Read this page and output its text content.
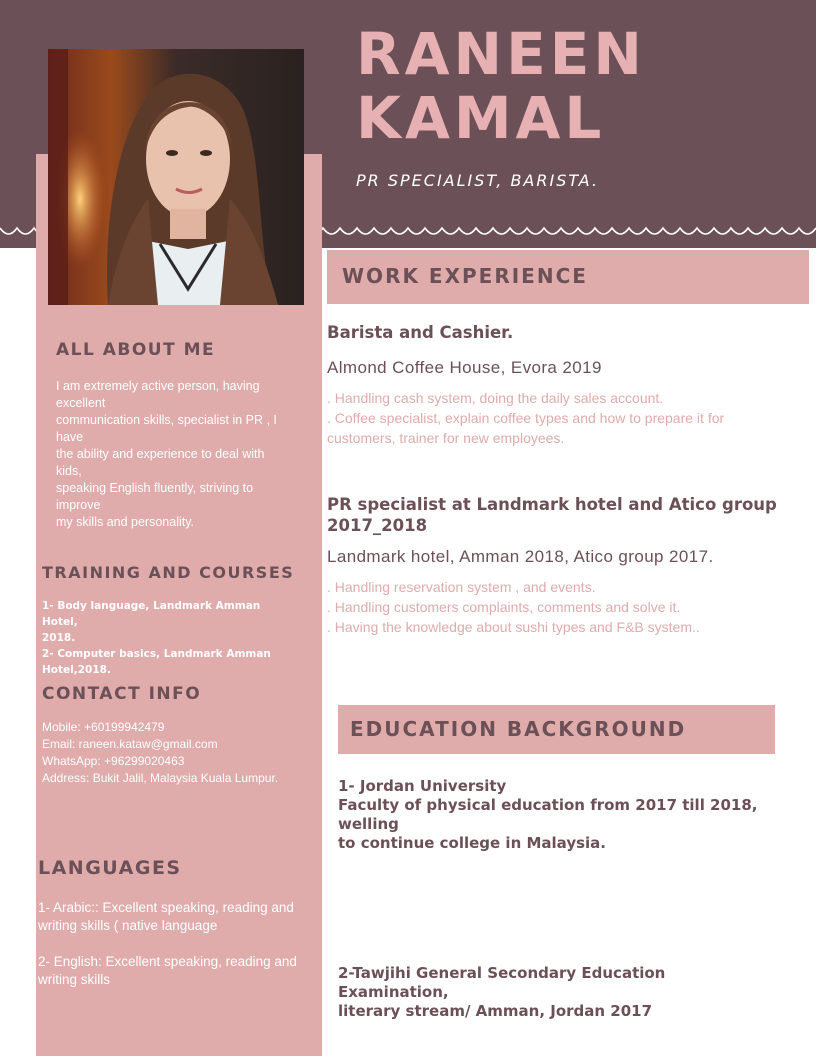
RANEEN
KAMAL
PR SPECIALIST, BARISTA.
ALL ABOUT ME
I am extremely active person, having
excellent
communication skills, specialist in PR , I
have
the ability and experience to deal with
kids,
speaking English fluently, striving to
improve
my skills and personality.
TRAINING AND COURSES
1- Body language, Landmark Amman
Hotel,
2018.
2- Computer basics, Landmark Amman
Hotel,2018.
CONTACT INFO
Mobile: +60199942479
Email: raneen.kataw@gmail.com
WhatsApp: +96299020463
Address: Bukit Jalil, Malaysia Kuala Lumpur.
LANGUAGES
1- Arabic:: Excellent speaking, reading and
writing skills ( native language
2- English: Excellent speaking, reading and
writing skills
WORK EXPERIENCE
Barista and Cashier.
Almond Coffee House, Evora 2019
. Handling cash system, doing the daily sales account.
. Coffee specialist, explain coffee types and how to prepare it for
customers, trainer for new employees.
PR specialist at Landmark hotel and Atico group
2017_2018
Landmark hotel, Amman 2018, Atico group 2017.
. Handling reservation system , and events.
. Handling customers complaints, comments and solve it.
. Having the knowledge about sushi types and F&B system..
EDUCATION BACKGROUND
1- Jordan University
Faculty of physical education from 2017 till 2018,
welling
to continue college in Malaysia.
2-Tawjihi General Secondary Education
Examination,
literary stream/ Amman, Jordan 2017
